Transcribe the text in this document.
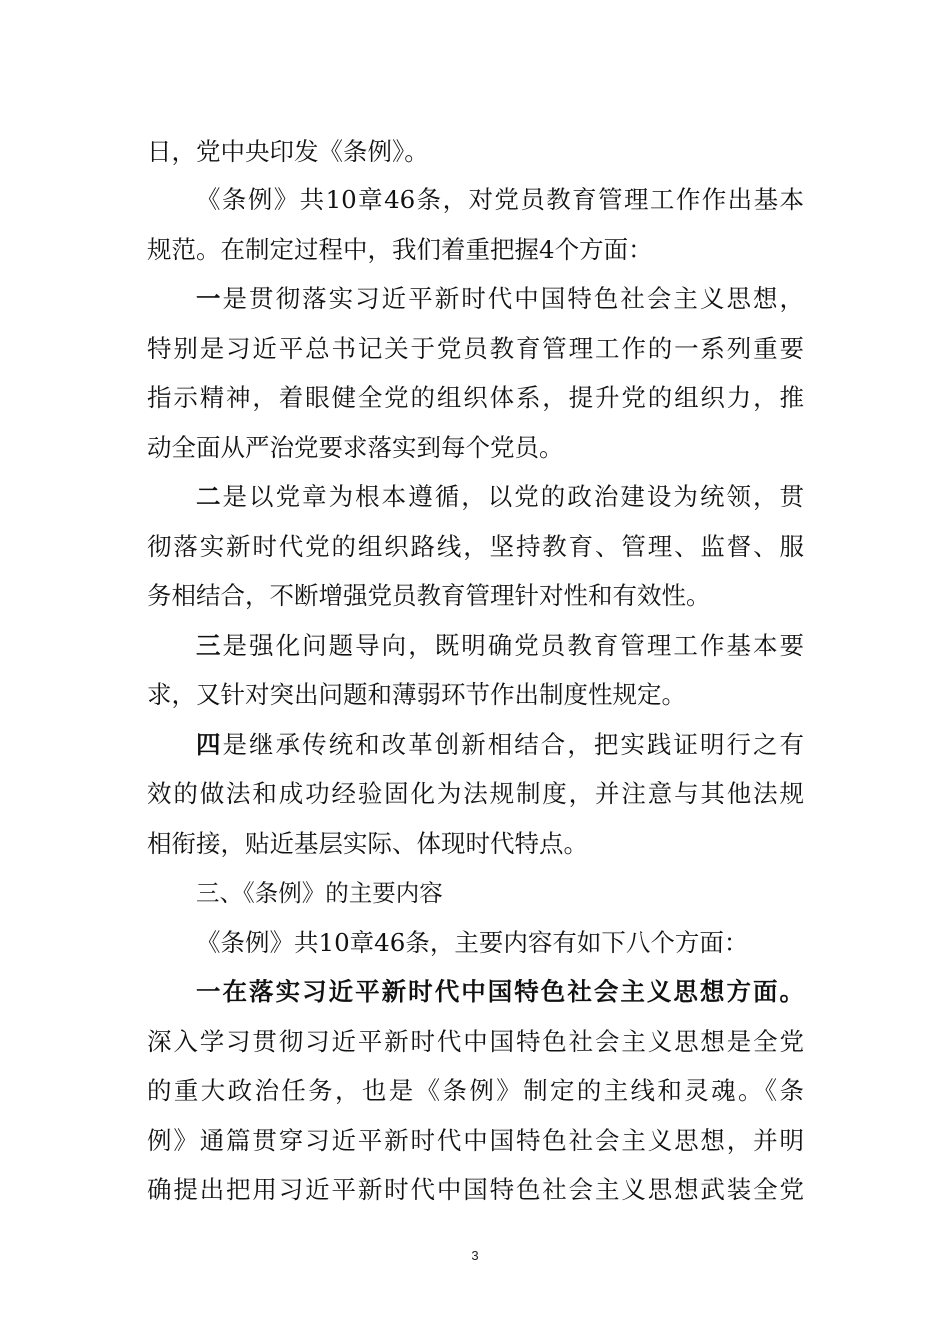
日，党中央印发《条例》。
《条例》共10章46条，对党员教育管理工作作出基本
规范。在制定过程中，我们着重把握4个方面：
一是贯彻落实习近平新时代中国特色社会主义思想，
特别是习近平总书记关于党员教育管理工作的一系列重要
指示精神，着眼健全党的组织体系，提升党的组织力，推
动全面从严治党要求落实到每个党员。
二是以党章为根本遵循，以党的政治建设为统领，贯
彻落实新时代党的组织路线，坚持教育、管理、监督、服
务相结合，不断增强党员教育管理针对性和有效性。
三是强化问题导向，既明确党员教育管理工作基本要
求，又针对突出问题和薄弱环节作出制度性规定。
四是继承传统和改革创新相结合，把实践证明行之有
效的做法和成功经验固化为法规制度，并注意与其他法规
相衔接，贴近基层实际、体现时代特点。
三、《条例》的主要内容
《条例》共10章46条，主要内容有如下八个方面：
一在落实习近平新时代中国特色社会主义思想方面。
深入学习贯彻习近平新时代中国特色社会主义思想是全党
的重大政治任务，也是《条例》制定的主线和灵魂。《条
例》通篇贯穿习近平新时代中国特色社会主义思想，并明
确提出把用习近平新时代中国特色社会主义思想武装全党
3
